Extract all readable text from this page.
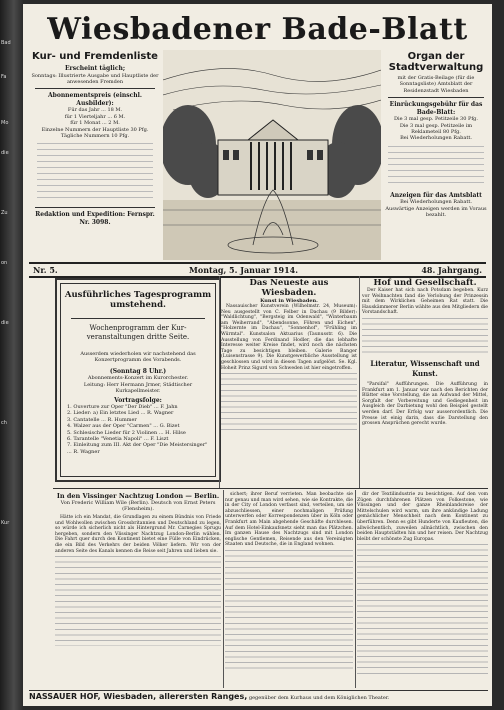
Bad
Fa
Mo
die
Zu
on
die
ch
Kur
Wiesbadener Bade-Blatt
Kur- und Fremdenliste
Erscheint täglich;
Sonntags: Illustrierte Ausgabe und Hauptliste der anwesenden Fremden
Abonnementspreis (einschl. Ausbilder):
Für das Jahr ... 18 M.
für 1 Vierteljahr ... 6 M.
für 1 Monat ... 2 M.
Einzelne Nummern der Hauptliste 30 Pfg.
Tägliche Nummern 10 Pfg.
Redaktion und Expedition: Fernspr. Nr. 3098.
Organ der Stadtverwaltung
mit der Gratis-Beilage (für die Sonntagsliste) Amtsblatt der Residenzstadt Wiesbaden
Einrückungsgebühr für das Bade-Blatt:
Die 3 mal gesp. Petitzeile 30 Pfg.
Die 3 mal gesp. Petitzeile im Reklameteil 80 Pfg.
Bei Wiederholungen Rabatt.
Anzeigen für das Amtsblatt
Bei Wiederholungen Rabatt.
Auswärtige Anzeigen werden im Voraus bezahlt.
Nr. 5.	Montag, 5. Januar 1914.	48. Jahrgang.
Ausführliches Tagesprogramm umstehend.
Wochenprogramm der Kur-veranstaltungen dritte Seite.
Ausserdem wiederholen wir nachstehend das Konzertprogramm des Vorabends.
(Sonntag 8 Uhr.)
Abonnements-Konzert im Kurorchester.
Leitung: Herr Hermann Jrmer, Städtischer Kurkapellmeister.
Vortragsfolge:
1. Ouverture zur Oper "Der Dieb" ... F. Jahn
2. Lieder: a) Ein letztes Lied ... R. Wagner
3. Cantatelle ... R. Hummer
4. Walzer aus der Oper "Carmen" ... G. Bizet
5. Schlesische Lieder für 2 Violinen ... H. Hilse
6. Tarantelle "Venetia Napoli" ... F. Liszt
7. Einleitung zum III. Akt der Oper "Die Meistersinger" ... R. Wagner
Das Neueste aus Wiesbaden.
Kunst in Wiesbaden.

Nassauischer Kunstverein (Wilhelmstr. 24, Museum): Neu ausgestellt von C. Felber in Dachau (9 Bilder): "Waldlichtung", "Bergsteig im Odenwald", "Winterbaum am Weiherrand", "Abendsonne, Föhren und Eichen", "Holzernte im Dachau", "Sonnenhof", "Frühling im Würmtal". Kunstsalon Aktuarius (Taunusstr. 6). Die Ausstellung von Ferdinand Hodler, die das lebhafte Interesse weiter Kreise findet, wird noch die nächsten Tage zu besichtigen bleiben. Galerie Banger (Luisenstrasse 9). Die Kunstgewerbliche Ausstellung ist geschlossen und wird in diesen Tagen aufgelöst. Se. Kgl. Hoheit Prinz Sigurd von Schweden ist hier eingetroffen.

Hof und Gesellschaft.

Der Kaiser hat sich nach Potsdam begeben. Kurz vor Weihnachten fand die Verlobung der Prinzessin mit dem Wirklichen Geheimen Rat statt. Die Hauskämmerer Berlin wählte aus den Mitgliedern die Vorstandschaft.

Literatur, Wissenschaft und Kunst.

"Parsifal" Aufführungen. Die Aufführung in Frankfurt am 1. Januar war nach den Berichten der Blätter eine Vorstellung, die an Aufwand der Mittel, Sorgfalt der Vorbereitung und Gediegenheit im Ausgleich der Darbietung wohl den Beispiel gestellt werden darf. Der Erfolg war ausserordentlich. Die Presse ist einig darin, dass die Darstellung den grossen Ansprüchen gerecht wurde.

In den Vissinger Nachtzug London — Berlin.
Von Frederic William Wile (Berlin). Deutsch von Ernst Peters (Flensheim).

Hätte ich ein Mandat, die Grundlagen zu einem Bündnis von Friede und Wohlwollen zwischen Grossbritannien und Deutschland zu legen, so würde ich sicherlich nicht als Hintergrund Mr. Carnegies Sprugu hergeben, sondern den Vlissinger Nachtzug London-Berlin wählen. Die Fahrt quer durch den Kontinent bietet eine Fülle von Eindrücken, die ein Bild des Verkehrs der beiden Völker liefern. Wir von der anderen Seite des Kanals kennen die Reise seit Jahren und lieben sie.

sichert; ihrer Beruf verrieten. Man beobachte sie nur genau und man wird sehen, wie sie Kontrakte, die in der City of London verfasst sind, verteilen, um sie abzuschliessen, einer nochmaligen Prüfung unterwerfen oder Korrespondenzen über in Köln oder Frankfurt am Main abgehende Geschäfte durchlesen. Auf dem Hotel-Einkaufsnetz sieht man das Plätzchen. Im ganzen Hause des Nachtzugs sind mit London englische Gentlemen, Reisende aus den Vereinigten Staaten und Deutsche, die in England wohnen.

dir der Textilindustrie zu besichtigen. Auf den vom Zügen durchfahrenen Plätzen von Folkestone, wie Vlissingen und der ganze Rheinlandsreise der Mittelschulen wird warm, um ihre ankündige Ladung gemächlicher Menschheit nach dem Kontinent zu überführen. Denn es gibt Hunderte von Kaufleuten, die allwöchentlich, zuweilen allnächtlich, zwischen den beiden Hauptstädten hin und her reisen. Der Nachtzug bleibt der schönste Zug Europas.

NASSAUER HOF, Wiesbaden, allerersten Ranges, gegenüber dem Kurhaus und dem Königlichen Theater.
